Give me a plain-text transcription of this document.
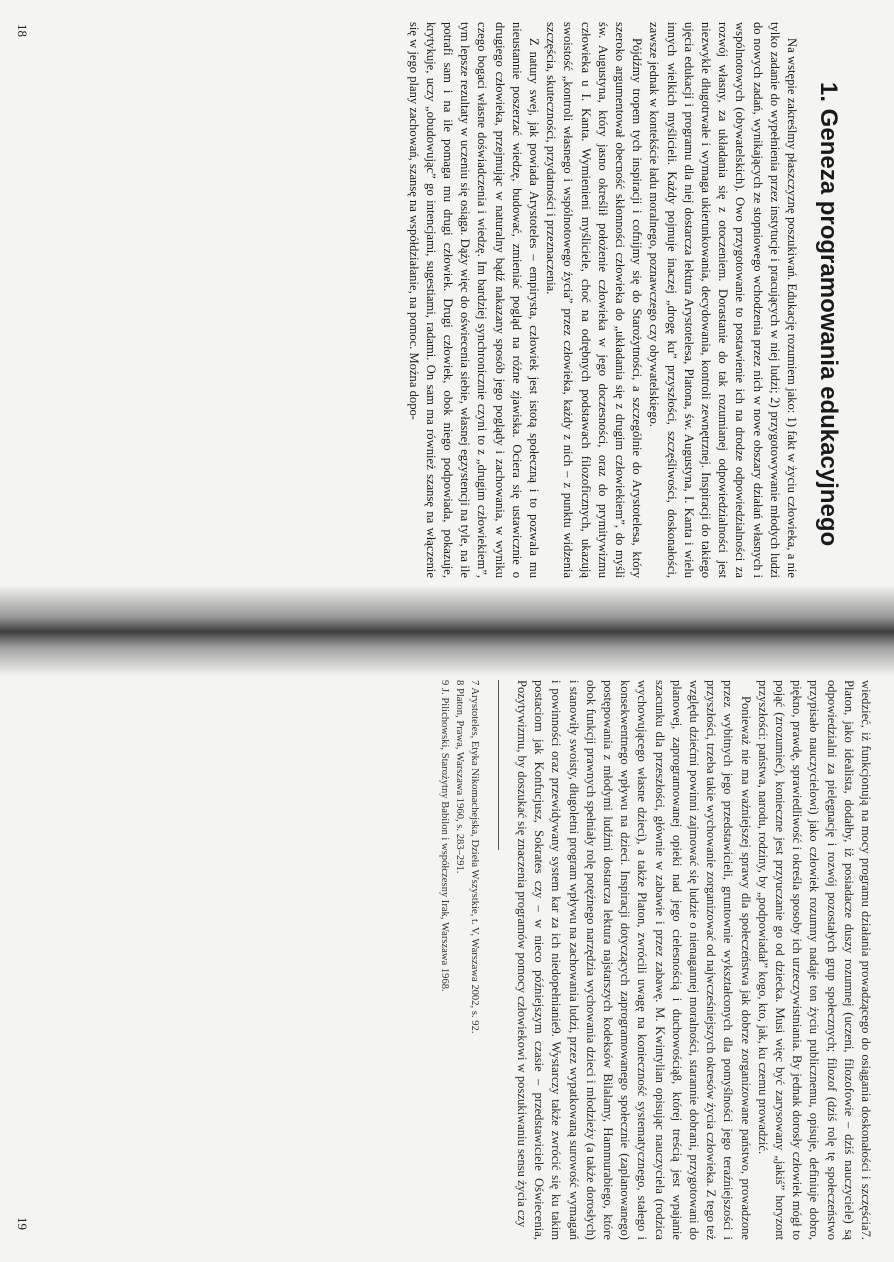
1. Geneza programowania edukacyjnego

Na wstępie zakreślmy płaszczyznę poszukiwań. Edukację rozumiem jako: 1) fakt w życiu człowieka, a nie tylko zadanie do wypełnienia przez instytucje i pracujących w niej ludzi; 2) przygotowywanie młodych ludzi do nowych zadań, wynikających ze stopniowego wchodzenia przez nich w nowe obszary działań własnych i wspólnotowych (obywatelskich). Owo przygotowanie to postawienie ich na drodze odpowiedzialności za rozwój własny, za układania się z otoczeniem. Dorastanie do tak rozumianej odpowiedzialności jest niezwykle długotrwałe i wymaga ukierunkowania, decydowania, kontroli zewnętrznej. Inspiracji do takiego ujęcia edukacji i programu dla niej dostarcza lektura Arystotelesa, Platona, św. Augustyna, I. Kanta i wielu innych wielkich myślicieli. Każdy pojmuje inaczej „drogę ku” przyszłości, szczęśliwości, doskonałości, zawsze jednak w kontekście ładu moralnego, poznawczego czy obywatelskiego.

Pójdźmy tropem tych inspiracji i cofnijmy się do Starożytności, a szczególnie do Arystotelesa, który szeroko argumentował obecność skłonności człowieka do „układania się z drugim człowiekiem”, do myśli św. Augustyna, który jasno określił położenie człowieka w jego doczesności, oraz do prymitywizmu człowieka u I. Kanta. Wymienieni myśliciele, choć na odrębnych podstawach filozoficznych, ukazują swoistość „kontroli własnego i wspólnotowego życia” przez człowieka, każdy z nich – z punktu widzenia szczęścia, skuteczności, przydatności i przeznaczenia.

Z natury swej, jak powiada Arystoteles – empirysta, człowiek jest istotą społeczną i to pozwala mu nieustannie poszerzać wiedzę, budować, zmieniać pogląd na różne zjawiska. Ociera się ustawicznie o drugiego człowieka, przejmując w naturalny bądź nakazany sposób jego poglądy i zachowania, w wyniku czego bogaci własne doświadczenia i wiedzę. Im bardziej synchronicznie czyni to z „drugim człowiekiem”, tym lepsze rezultaty w uczeniu się osiąga. Dąży więc do oświecenia siebie, własnej egzystencji na tyle, na ile potrafi sam i na ile pomaga mu drugi człowiek. Drugi człowiek, obok niego podpowiada, pokazuje, krytykuje, uczy „obudowując” go intencjami, sugestiami, radami. On sam ma również szansę na włączenie się w jego plany zachowań, szansę na współdziałanie, na pomoc. Można dopo-

18

wiedzieć, iż funkcjonują na mocy programu działania prowadzącego do osiągania doskonałości i szczęścia7. Platon, jako idealista, dodałby, iż posiadacze duszy rozumnej (uczeni, filozofowie – dziś nauczyciele) są odpowiedzialni za pielęgnację i rozwój pozostałych grup społecznych; filozof (dziś rolę tę społeczeństwo przypisało nauczycielowi) jako człowiek rozumny nadaje ton życiu publicznemu, opisuje, definiuje dobro, piękno, prawdę, sprawiedliwość i określa sposoby ich urzeczywistniania. By jednak dorosły człowiek mógł to pojąć (zrozumieć), konieczne jest przyuczanie go od dziecka. Musi więc być zarysowany „jakiś” horyzont przyszłości: państwa, narodu, rodziny, by „podpowiadał” kogo, kto, jak, ku czemu prowadzić.

Ponieważ nie ma ważniejszej sprawy dla społeczeństwa jak dobrze zorganizowane państwo, prowadzone przez wybitnych jego przedstawicieli, gruntownie wykształconych dla pomyślności jego teraźniejszości i przyszłości, trzeba takie wychowanie zorganizować od najwcześniejszych okresów życia człowieka. Z tego też względu dziećmi powinni zajmować się ludzie o nienagannej moralności, starannie dobrani, przygotowani do planowej, zaprogramowanej opieki nad jego cielesnością i duchowością8, której treścią jest wpajanie szacunku dla przeszłości, głównie w zabawie i przez zabawę. M. Kwintylian opisując nauczyciela (rodzica wychowującego własne dzieci), a także Platon, zwrócili uwagę na konieczność systematycznego, stałego i konsekwentnego wpływu na dzieci. Inspiracji dotyczących zaprogramowanego społecznie (zaplanowanego) postępowania z młodymi ludźmi dostarcza lektura najstarszych kodeksów Bilalamy, Hammurabiego, które obok funkcji prawnych spełniały rolę potężnego narzędzia wychowania dzieci i młodzieży (a także dorosłych) i stanowiły swoisty, długoletni program wpływu na zachowania ludzi, przez wypatkowaną surowość wymagań i powinności oraz przewidywany system kar za ich niedopełnianie9. Wystarczy także zwrócić się ku takim postaciom jak Konfucjusz, Sokrates czy – w nieco późniejszym czasie – przedstawiciele Oświecenia, Pozytywizmu, by doszukać się znaczenia programów pomocy człowiekowi w poszukiwaniu sensu życia czy

7 Arystoteles, Etyka Nikomachejska, Dzieła Wszystkie, t. V, Warszawa 2002, s. 92.

8 Platon, Prawa, Warszawa 1960, s. 283–291.

9 J. Pilichowski, Starożytny Babilon i współczesny Irak, Warszawa 1968.

19
